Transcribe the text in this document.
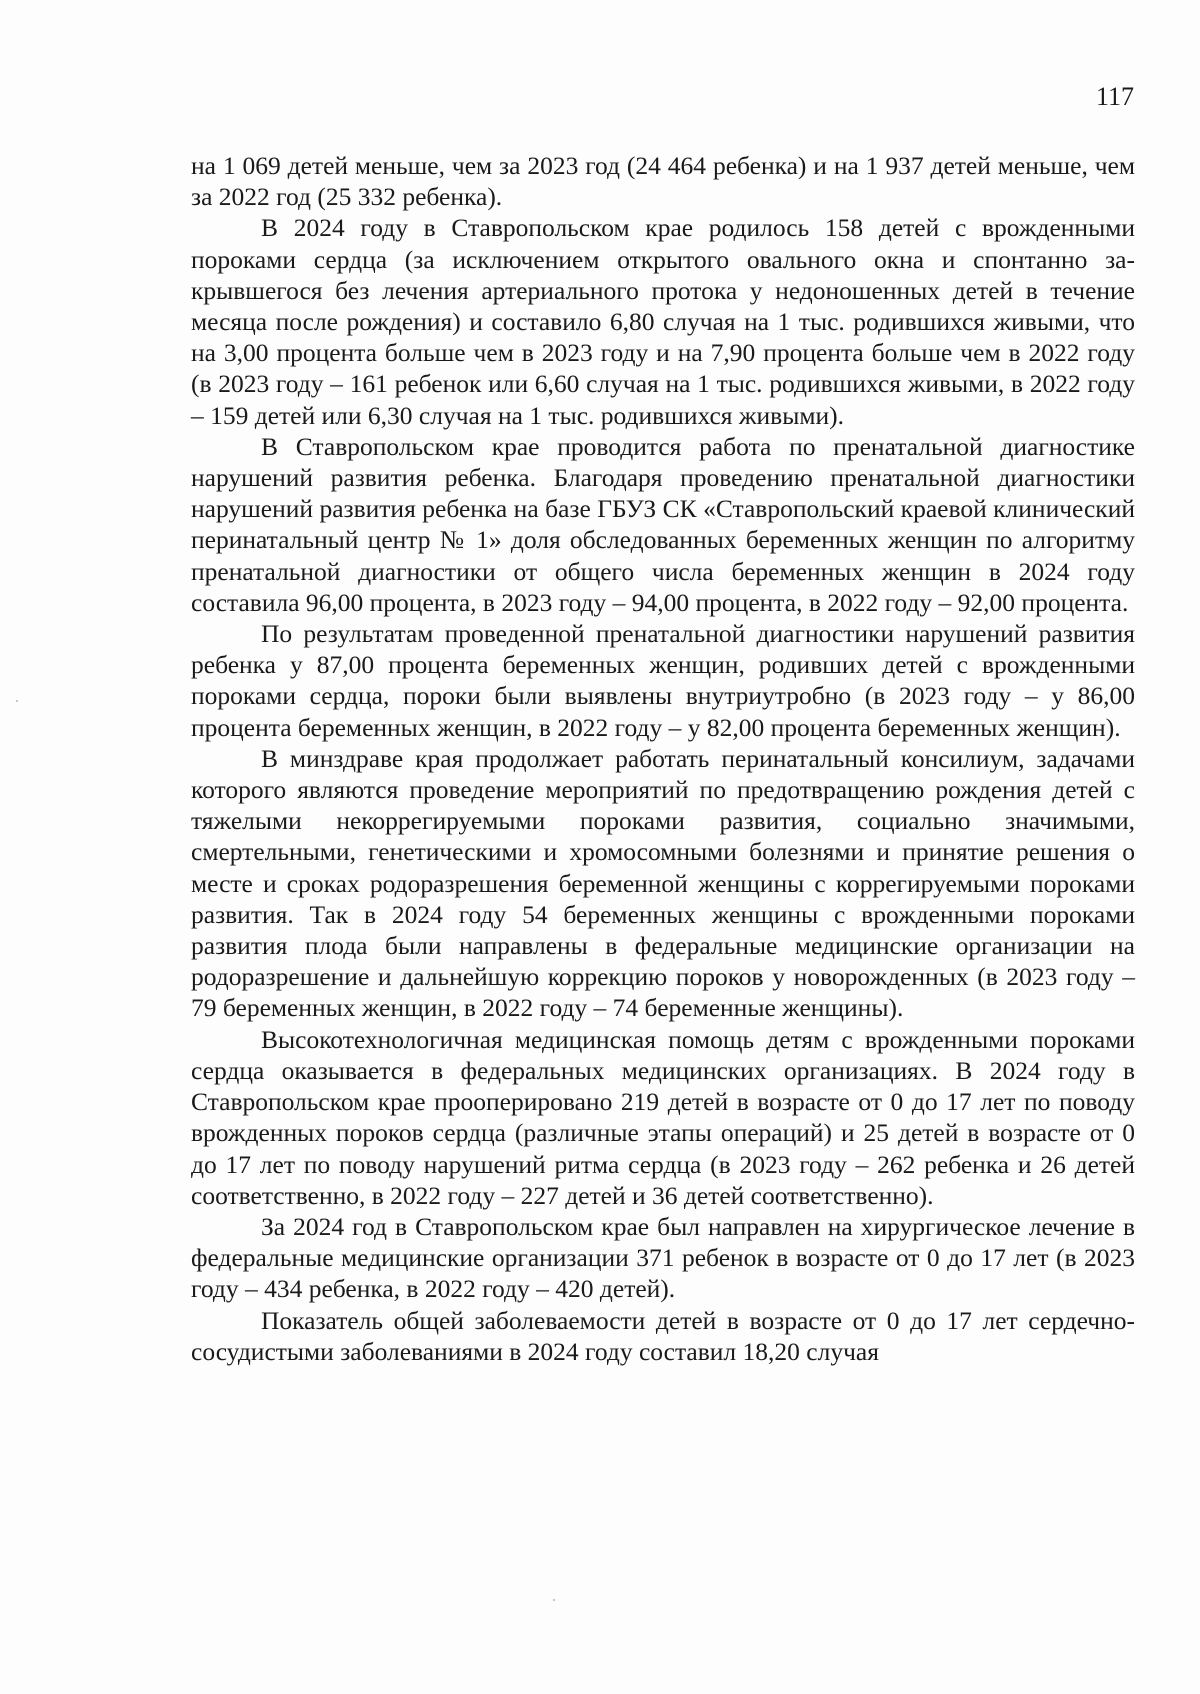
117

на 1 069 детей меньше, чем за 2023 год (24 464 ребенка) и на 1 937 детей меньше, чем за 2022 год (25 332 ребенка).

В 2024 году в Ставропольском крае родилось 158 детей с врожденными пороками сердца (за исключением открытого овального окна и спонтанно закрывшегося без лечения артериального протока у недоношенных детей в течение месяца после рождения) и составило 6,80 случая на 1 тыс. родившихся живыми, что на 3,00 процента больше чем в 2023 году и на 7,90 процента больше чем в 2022 году (в 2023 году – 161 ребенок или 6,60 случая на 1 тыс. родившихся живыми, в 2022 году – 159 детей или 6,30 случая на 1 тыс. родившихся живыми).

В Ставропольском крае проводится работа по пренатальной диагностике нарушений развития ребенка. Благодаря проведению пренатальной диагностики нарушений развития ребенка на базе ГБУЗ СК «Ставропольский краевой клинический перинатальный центр № 1» доля обследованных беременных женщин по алгоритму пренатальной диагностики от общего числа беременных женщин в 2024 году составила 96,00 процента, в 2023 году – 94,00 процента, в 2022 году – 92,00 процента.

По результатам проведенной пренатальной диагностики нарушений развития ребенка у 87,00 процента беременных женщин, родивших детей с врожденными пороками сердца, пороки были выявлены внутриутробно (в 2023 году – у 86,00 процента беременных женщин, в 2022 году – у 82,00 процента беременных женщин).

В минздраве края продолжает работать перинатальный консилиум, задачами которого являются проведение мероприятий по предотвращению рождения детей с тяжелыми некоррегируемыми пороками развития, социально значимыми, смертельными, генетическими и хромосомными болезнями и принятие решения о месте и сроках родоразрешения беременной женщины с коррегируемыми пороками развития. Так в 2024 году 54 беременных женщины с врожденными пороками развития плода были направлены в федеральные медицинские организации на родоразрешение и дальнейшую коррекцию пороков у новорожденных (в 2023 году – 79 беременных женщин, в 2022 году – 74 беременные женщины).

Высокотехнологичная медицинская помощь детям с врожденными пороками сердца оказывается в федеральных медицинских организациях. В 2024 году в Ставропольском крае прооперировано 219 детей в возрасте от 0 до 17 лет по поводу врожденных пороков сердца (различные этапы операций) и 25 детей в возрасте от 0 до 17 лет по поводу нарушений ритма сердца (в 2023 году – 262 ребенка и 26 детей соответственно, в 2022 году – 227 детей и 36 детей соответственно).

За 2024 год в Ставропольском крае был направлен на хирургическое лечение в федеральные медицинские организации 371 ребенок в возрасте от 0 до 17 лет (в 2023 году – 434 ребенка, в 2022 году – 420 детей).

Показатель общей заболеваемости детей в возрасте от 0 до 17 лет сердечно-сосудистыми заболеваниями в 2024 году составил 18,20 случая
